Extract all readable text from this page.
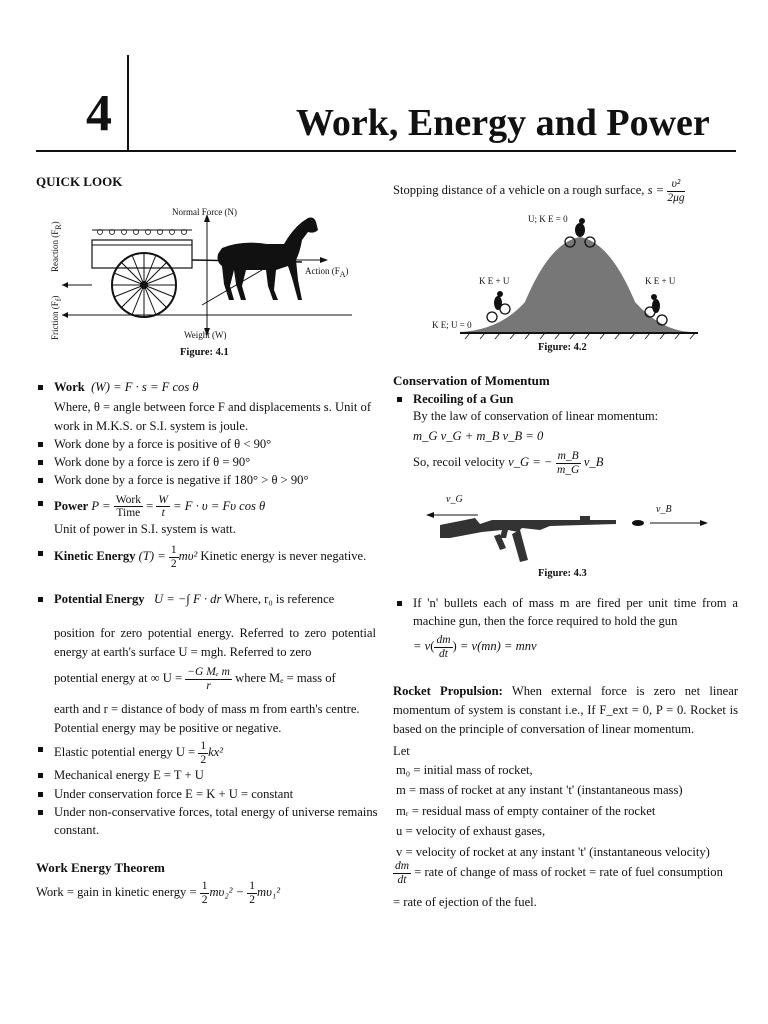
4	Work, Energy and Power
QUICK LOOK
Reaction (FR)
Friction (Ff)
Normal Force (N)
Action (FA)
Weight (W)
Figure: 4.1
Work (W) = F · s = F cos θ
Where, θ = angle between force F and displacements s. Unit of work in M.K.S. or S.I. system is joule.
Work done by a force is positive of θ < 90°
Work done by a force is zero if θ = 90°
Work done by a force is negative if 180° > θ > 90°
Power $P = \frac{\text{Work}}{\text{Time}} = \frac{W}{t} = F \cdot \upsilon = F\upsilon$ cos θ
Unit of power in S.I. system is watt.
Kinetic Energy $(T) = \frac{1}{2} m\upsilon^2$ Kinetic energy is never negative.
Potential Energy U = −∫ F · dr Where, r₀ is reference
position for zero potential energy. Referred to zero potential energy at earth's surface U = mgh. Referred to zero
potential energy at ∞ $U = \frac{\text{−G Mₑ m}}{r}$ where Mₑ = mass of
earth and r = distance of body of mass m from earth's centre. Potential energy may be positive or negative.
Elastic potential energy $U = \frac{1}{2} kx^2$
Mechanical energy E = T + U
Under conservation force E = K + U = constant
Under non-conservative forces, total energy of universe remains constant.
Work Energy Theorem
Work = gain in kinetic energy = $\frac{1}{2} m\upsilon_2^2 - \frac{1}{2} m\upsilon_1^2$
Stopping distance of a vehicle on a rough surface, $s = \frac{\text{υ²}}{2\mu g}$
U; K E = 0
K E + U	K E + U
K E; U = 0
Figure: 4.2
Conservation of Momentum
Recoiling of a Gun
By the law of conservation of linear momentum:
m_G v_G + m_B v_B = 0
So, recoil velocity v_G = − $\frac{m\_B}{m\_G}$ v_B
v_G
v_B
Figure: 4.3
If 'n' bullets each of mass m are fired per unit time from a machine gun, then the force required to hold the gun
= $v( \frac{dm}{dt}$ ) = v(mn) = mnv
Rocket Propulsion: When external force is zero net linear momentum of system is constant i.e., If F_ext = 0, P = 0. Rocket is based on the principle of conversation of linear momentum.
Let
m₀ = initial mass of rocket,
m = mass of rocket at any instant 't' (instantaneous mass)
mᵣ = residual mass of empty container of the rocket
u = velocity of exhaust gases,
v = velocity of rocket at any instant 't' (instantaneous velocity)
$\frac{dm}{dt}$ = rate of change of mass of rocket = rate of fuel consumption
= rate of ejection of the fuel.
